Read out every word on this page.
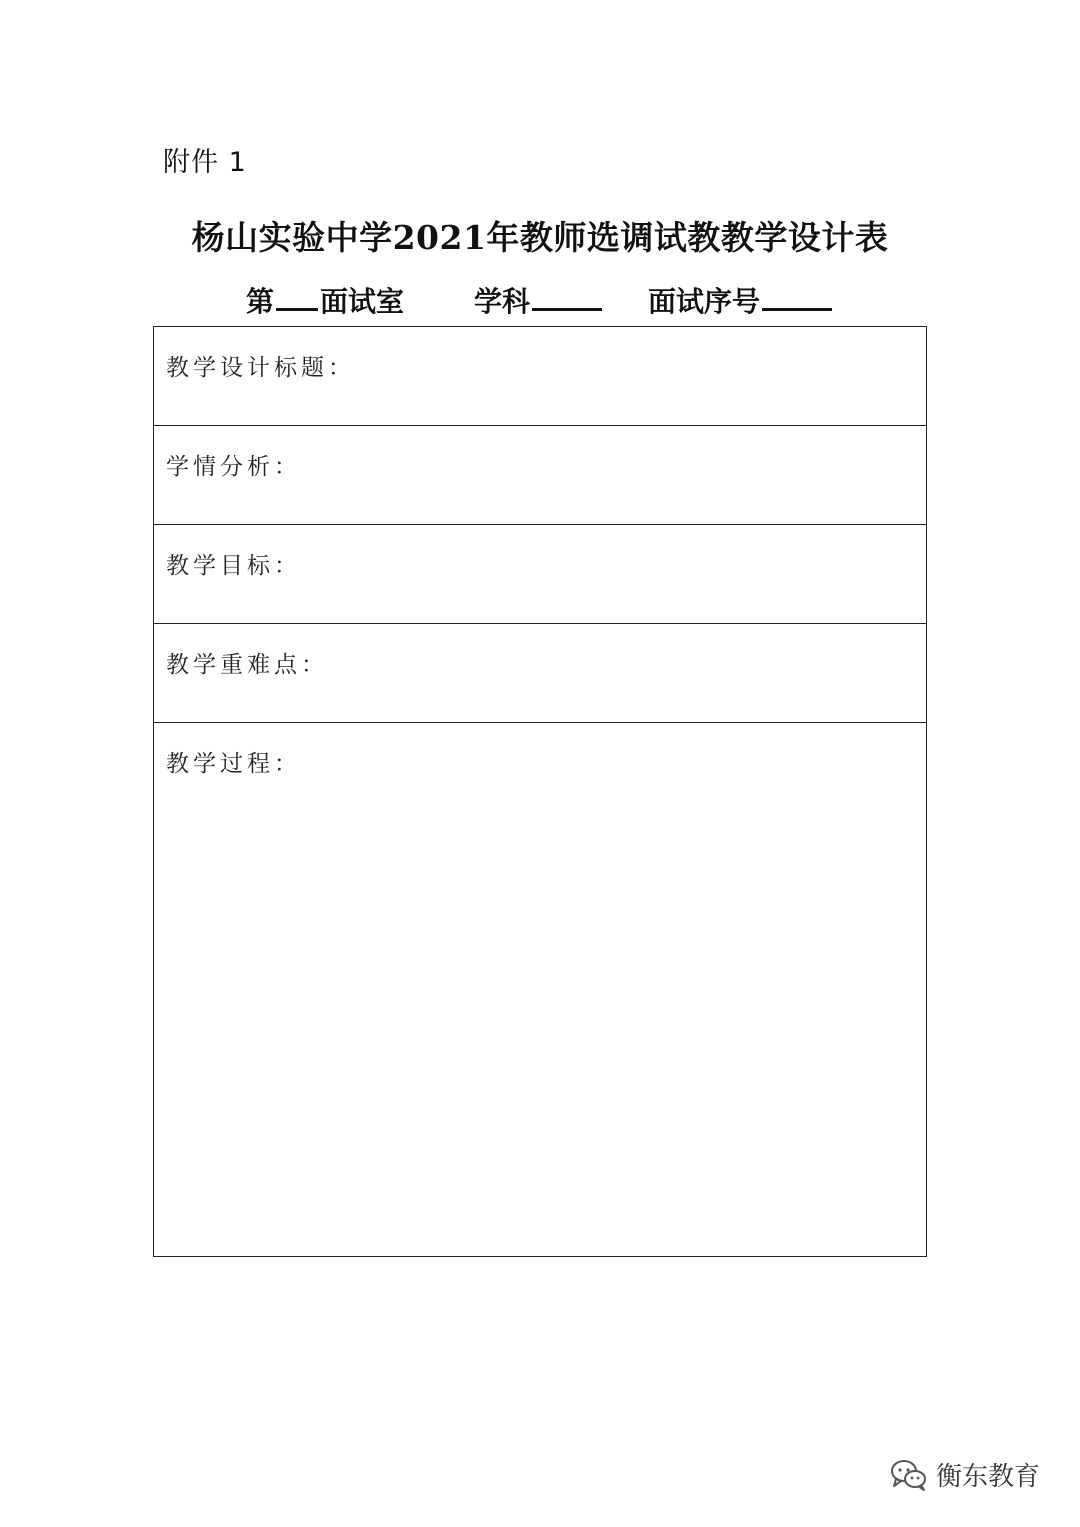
附件 1
杨山实验中学2021年教师选调试教教学设计表
第 面试室	学科	面试序号
教学设计标题：
学情分析：
教学目标：
教学重难点：
教学过程：
衡东教育
